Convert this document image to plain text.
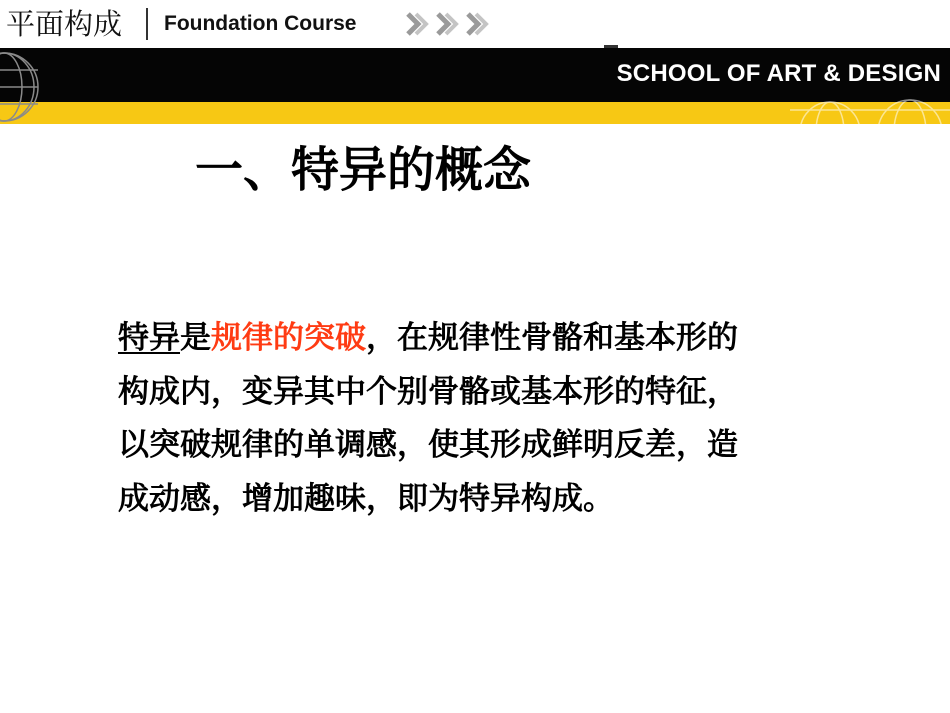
平面构成 Foundation Course
SCHOOL OF ART & DESIGN
一、特异的概念
特异是规律的突破，在规律性骨骼和基本形的
构成内，变异其中个别骨骼或基本形的特征，
以突破规律的单调感，使其形成鲜明反差，造
成动感，增加趣味，即为特异构成。
